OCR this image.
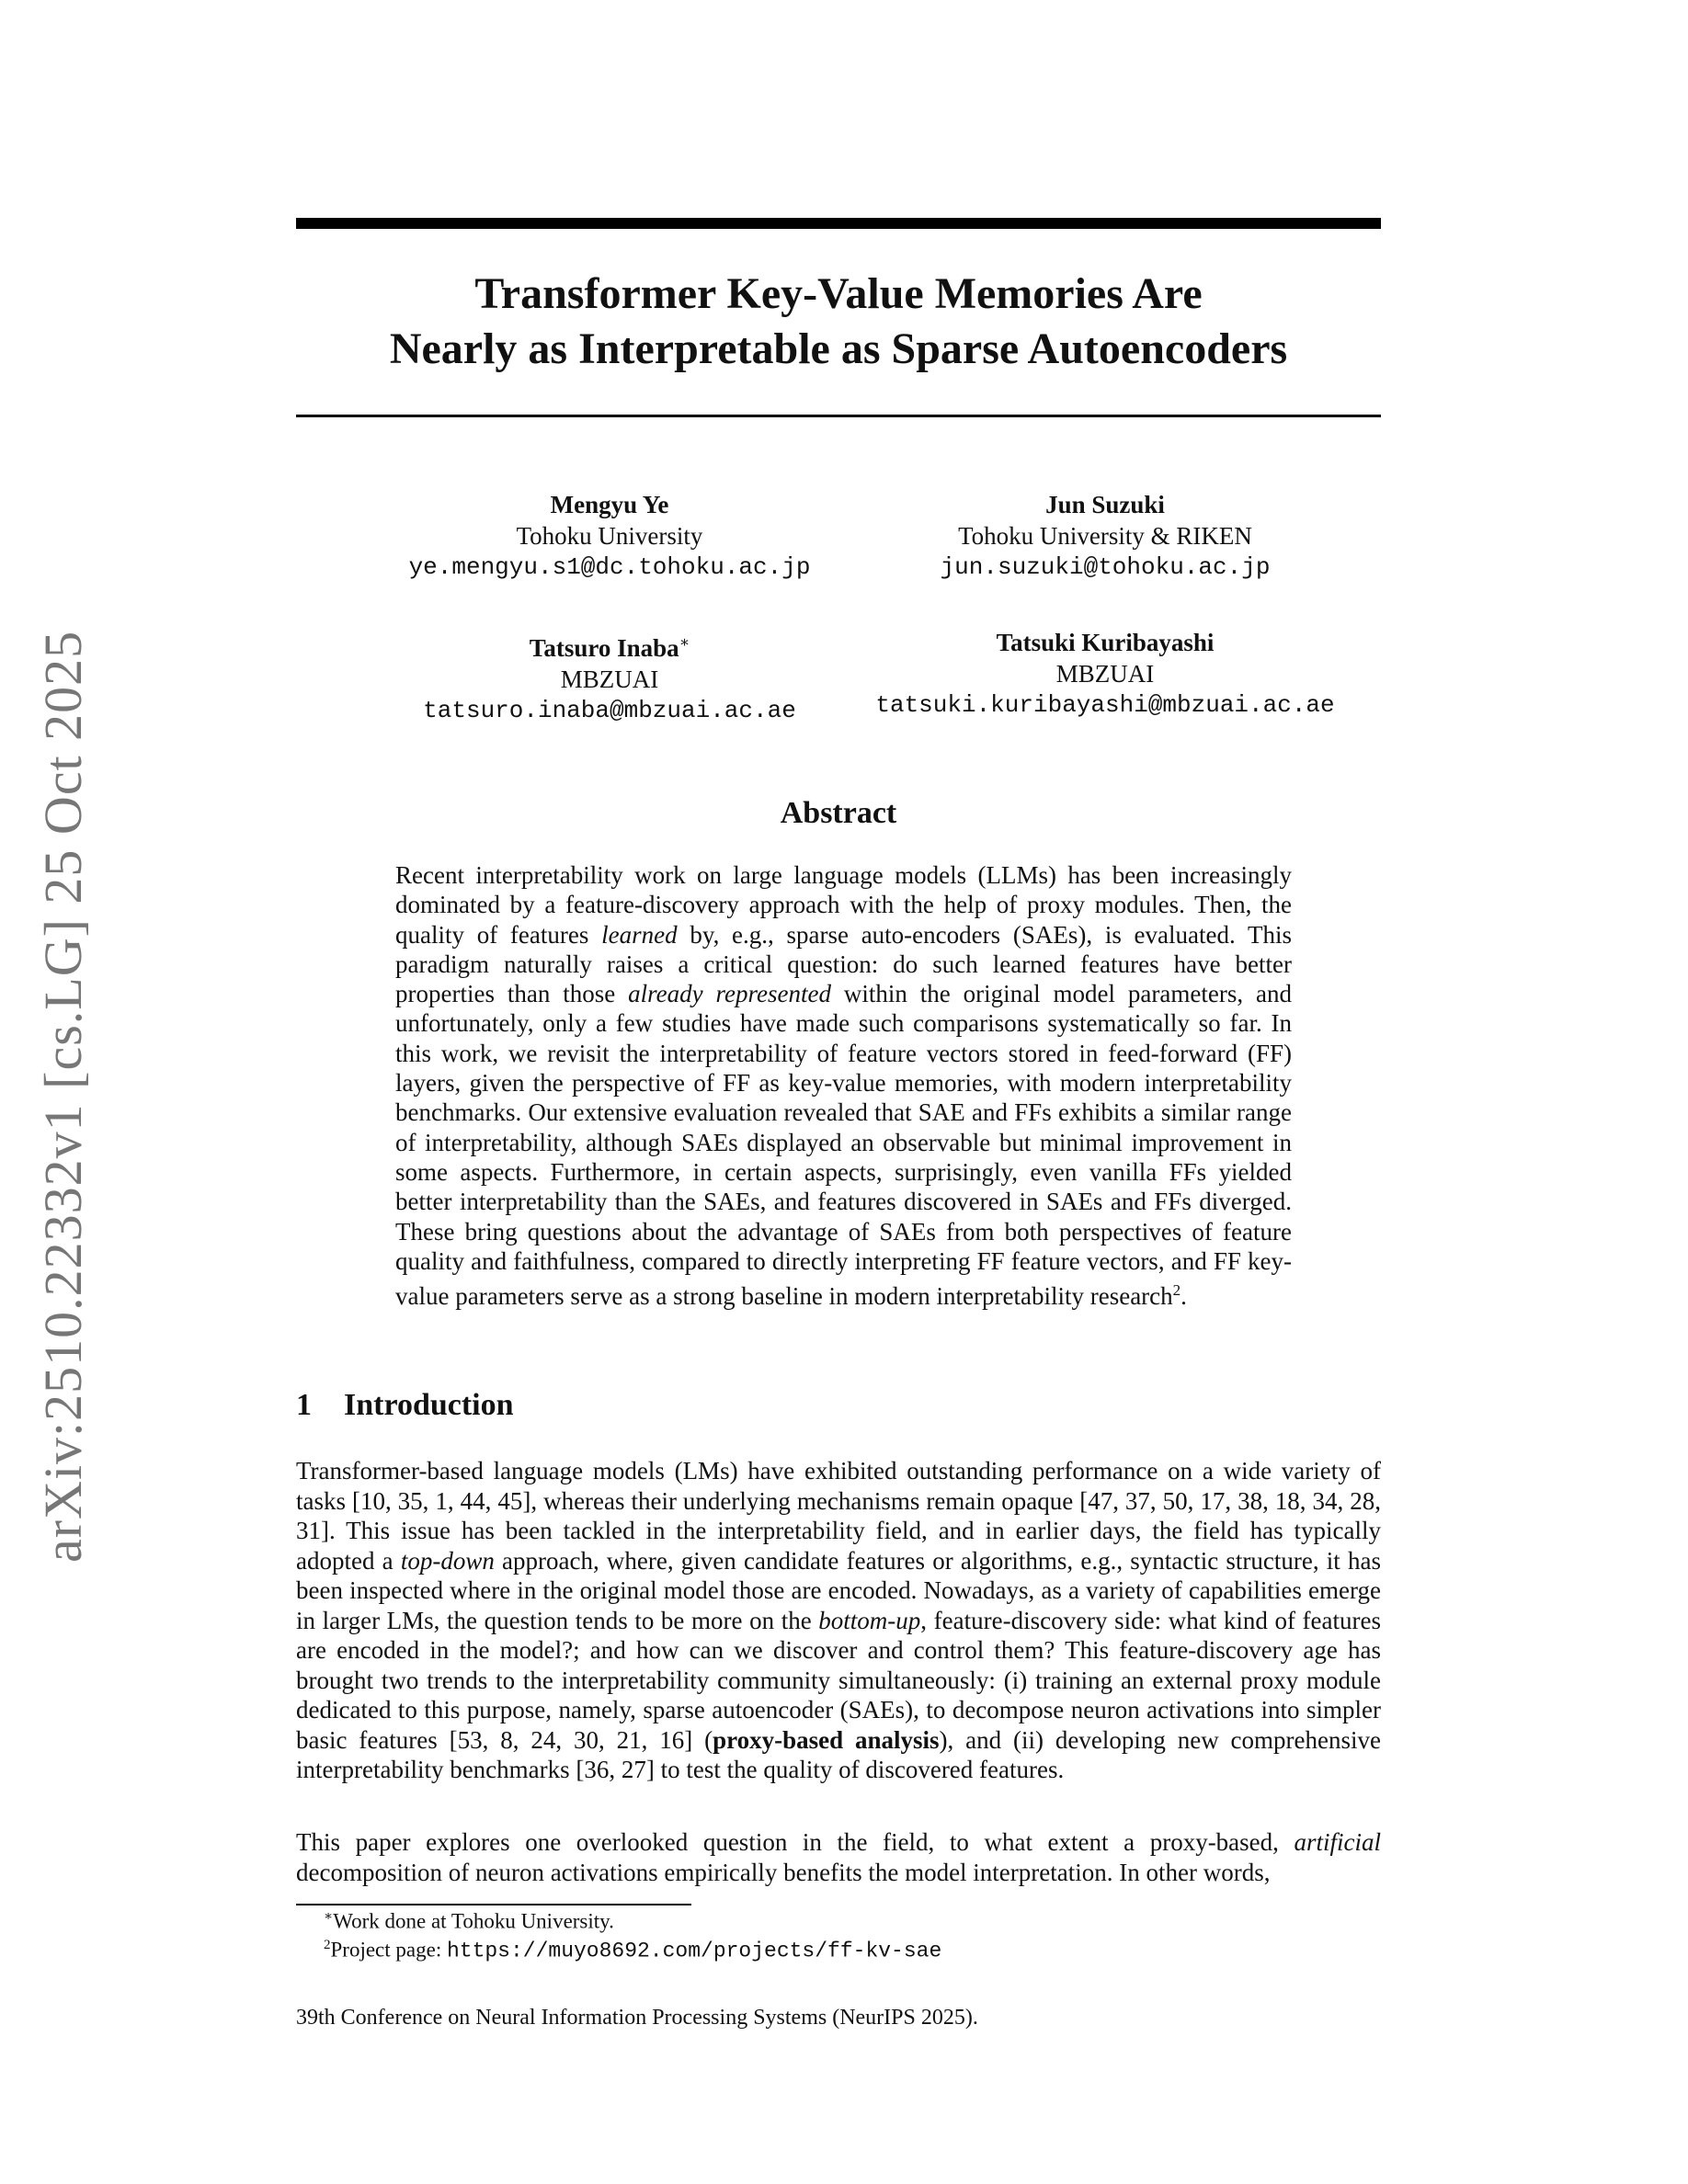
arXiv:2510.22332v1 [cs.LG] 25 Oct 2025
Transformer Key-Value Memories Are
Nearly as Interpretable as Sparse Autoencoders
Mengyu Ye
Tohoku University
ye.mengyu.s1@dc.tohoku.ac.jp
Jun Suzuki
Tohoku University & RIKEN
jun.suzuki@tohoku.ac.jp
Tatsuro Inaba∗
MBZUAI
tatsuro.inaba@mbzuai.ac.ae
Tatsuki Kuribayashi
MBZUAI
tatsuki.kuribayashi@mbzuai.ac.ae
Abstract
Recent interpretability work on large language models (LLMs) has been increasingly dominated by a feature-discovery approach with the help of proxy modules. Then, the quality of features learned by, e.g., sparse auto-encoders (SAEs), is evaluated. This paradigm naturally raises a critical question: do such learned features have better properties than those already represented within the original model parameters, and unfortunately, only a few studies have made such comparisons systematically so far. In this work, we revisit the interpretability of feature vectors stored in feed-forward (FF) layers, given the perspective of FF as key-value memories, with modern interpretability benchmarks. Our extensive evaluation revealed that SAE and FFs exhibits a similar range of interpretability, although SAEs displayed an observable but minimal improvement in some aspects. Furthermore, in certain aspects, surprisingly, even vanilla FFs yielded better interpretability than the SAEs, and features discovered in SAEs and FFs diverged. These bring questions about the advantage of SAEs from both perspectives of feature quality and faithfulness, compared to directly interpreting FF feature vectors, and FF key-value parameters serve as a strong baseline in modern interpretability research$^2$.
1 Introduction
Transformer-based language models (LMs) have exhibited outstanding performance on a wide variety of tasks [10, 35, 1, 44, 45], whereas their underlying mechanisms remain opaque [47, 37, 50, 17, 38, 18, 34, 28, 31]. This issue has been tackled in the interpretability field, and in earlier days, the field has typically adopted a top-down approach, where, given candidate features or algorithms, e.g., syntactic structure, it has been inspected where in the original model those are encoded. Nowadays, as a variety of capabilities emerge in larger LMs, the question tends to be more on the bottom-up, feature-discovery side: what kind of features are encoded in the model?; and how can we discover and control them? This feature-discovery age has brought two trends to the interpretability community simultaneously: (i) training an external proxy module dedicated to this purpose, namely, sparse autoencoder (SAEs), to decompose neuron activations into simpler basic features [53, 8, 24, 30, 21, 16] (proxy-based analysis), and (ii) developing new comprehensive interpretability benchmarks [36, 27] to test the quality of discovered features.
This paper explores one overlooked question in the field, to what extent a proxy-based, artificial decomposition of neuron activations empirically benefits the model interpretation. In other words,
∗Work done at Tohoku University.
$^2$Project page: https://muyo8692.com/projects/ff-kv-sae
39th Conference on Neural Information Processing Systems (NeurIPS 2025).
